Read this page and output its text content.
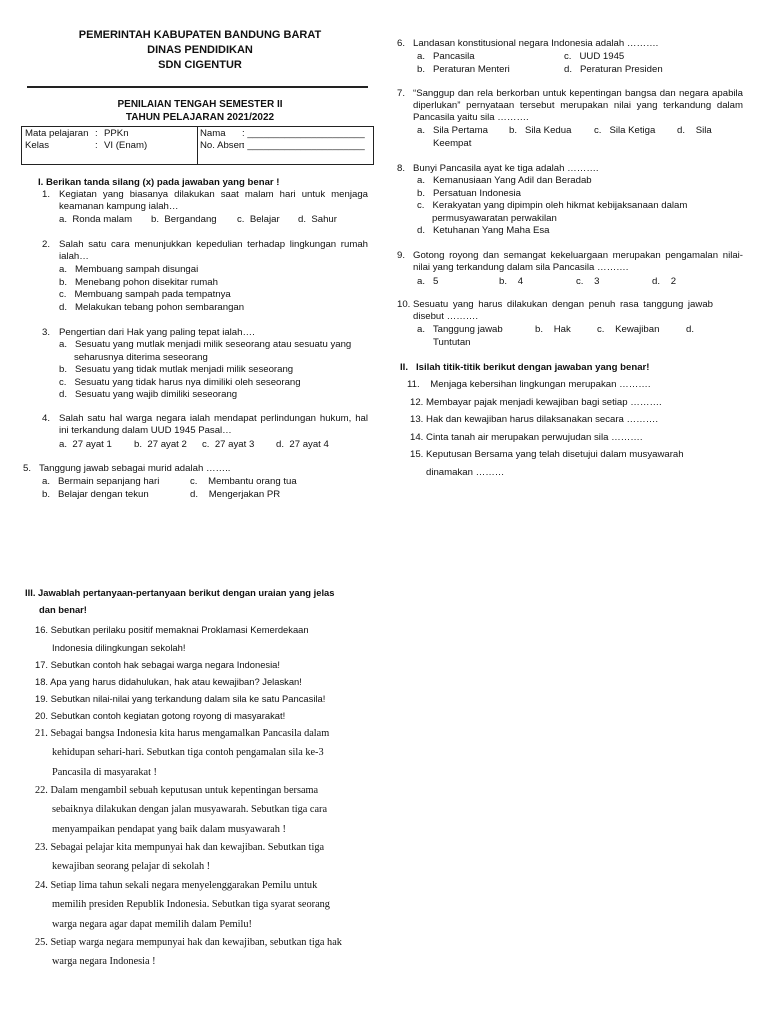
PEMERINTAH KABUPATEN BANDUNG BARAT
DINAS PENDIDIKAN
SDN CIGENTUR
PENILAIAN TENGAH SEMESTER II
TAHUN PELAJARAN 2021/2022
Mata pelajaran : PPKn
Kelas	: VI (Enam)
Nama : ______________________
No. Absen
: ______________________
I. Berikan tanda silang (x) pada jawaban yang benar !
1. Kegiatan yang biasanya dilakukan saat malam hari untuk menjaga keamanan kampung ialah…
a. Ronda malam b. Bergandang c. Belajar d. Sahur
2. Salah satu cara menunjukkan kepedulian terhadap lingkungan rumah ialah…
a. Membuang sampah disungai
b. Menebang pohon disekitar rumah
c. Membuang sampah pada tempatnya
d. Melakukan tebang pohon sembarangan
3. Pengertian dari Hak yang paling tepat ialah….
a. Sesuatu yang mutlak menjadi milik seseorang atau sesuatu yang
seharusnya diterima seseorang
b. Sesuatu yang tidak mutlak menjadi milik seseorang
c. Sesuatu yang tidak harus nya dimiliki oleh seseorang
d. Sesuatu yang wajib dimiliki seseorang
4. Salah satu hal warga negara ialah mendapat perlindungan hukum, hal ini terkandung dalam UUD 1945 Pasal…
a. 27 ayat 1 b. 27 ayat 2 c. 27 ayat 3 d. 27 ayat 4
5. Tanggung jawab sebagai murid adalah ……..
a. Bermain sepanjang hari	c. Membantu orang tua
b. Belajar dengan tekun	d. Mengerjakan PR
6. Landasan konstitusional negara Indonesia adalah ……….
a. Pancasila	c. UUD 1945
b. Peraturan Menteri	d. Peraturan Presiden
7. “Sanggup dan rela berkorban untuk kepentingan bangsa dan negara apabila diperlukan” pernyataan tersebut merupakan nilai yang terkandung dalam Pancasila yaitu sila ……….
a. Sila Pertama b. Sila Kedua c. Sila Ketiga d. Sila
Keempat
8. Bunyi Pancasila ayat ke tiga adalah ……….
a. Kemanusiaan Yang Adil dan Beradab
b. Persatuan Indonesia
c. Kerakyatan yang dipimpin oleh hikmat kebijaksanaan dalam
permusyawaratan perwakilan
d. Ketuhanan Yang Maha Esa
9. Gotong royong dan semangat kekeluargaan merupakan pengamalan nilai-nilai yang terkandung dalam sila Pancasila ……….
a. 5	b. 4	c. 3	d. 2
10. Sesuatu yang harus dilakukan dengan penuh rasa tanggung jawab disebut ……….
a. Tanggung jawab	b. Hak	c. Kewajiban	d.
Tuntutan
II.   Isilah titik-titik berikut dengan jawaban yang benar!
11. Menjaga kebersihan lingkungan merupakan ……….
12. Membayar pajak menjadi kewajiban bagi setiap ……….
13. Hak dan kewajiban harus dilaksanakan secara ……….
14. Cinta tanah air merupakan perwujudan sila ……….
15. Keputusan Bersama yang telah disetujui dalam musyawarah
dinamakan ………
III. Jawablah pertanyaan-pertanyaan berikut dengan uraian yang jelas
dan benar!
16. Sebutkan perilaku positif memaknai Proklamasi Kemerdekaan
Indonesia dilingkungan sekolah!
17. Sebutkan contoh hak sebagai warga negara Indonesia!
18. Apa yang harus didahulukan, hak atau kewajiban? Jelaskan!
19. Sebutkan nilai-nilai yang terkandung dalam sila ke satu Pancasila!
20. Sebutkan contoh kegiatan gotong royong di masyarakat!
21. Sebagai bangsa Indonesia kita harus mengamalkan Pancasila dalam
kehidupan sehari-hari. Sebutkan tiga contoh pengamalan sila ke-3
Pancasila di masyarakat !
22. Dalam mengambil sebuah keputusan untuk kepentingan bersama
sebaiknya dilakukan dengan jalan musyawarah. Sebutkan tiga cara
menyampaikan pendapat yang baik dalam musyawarah !
23. Sebagai pelajar kita mempunyai hak dan kewajiban. Sebutkan tiga
kewajiban seorang pelajar di sekolah !
24. Setiap lima tahun sekali negara menyelenggarakan Pemilu untuk
memilih presiden Republik Indonesia. Sebutkan tiga syarat seorang
warga negara agar dapat memilih dalam Pemilu!
25. Setiap warga negara mempunyai hak dan kewajiban, sebutkan tiga hak
warga negara Indonesia !
